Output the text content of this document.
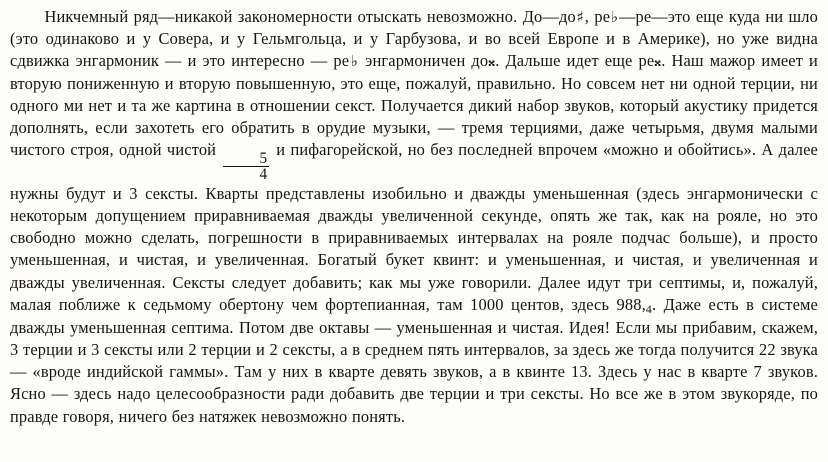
Никчемный ряд—никакой закономерности отыскать невозможно. До—до♯, ре♭—ре—это еще куда ни шло (это одинаково и у Совера, и у Гельмгольца, и у Гарбузова, и во всей Европе и в Америке), но уже видна сдвижка энгармоник — и это интересно — ре♭ энгармоничен до𝄪. Дальше идет еще ре𝄪. Наш мажор имеет и вторую пониженную и вторую повышенную, это еще, пожалуй, правильно. Но совсем нет ни одной терции, ни одного ми нет и та же картина в отношении секст. Получается дикий набор звуков, который акустику придется дополнять, если захотеть его обратить в орудие музыки, — тремя терциями, даже четырьмя, двумя малыми чистого строя, одной чистой
$\frac{5}{4}$
и пифагорейской, но без последней впрочем «можно и обойтись». А далее нужны будут и 3 сексты. Кварты представлены изобильно и дважды уменьшенная (здесь энгармонически с некоторым допущением приравниваемая дважды увеличенной секунде, опять же так, как на рояле, но это свободно можно сделать, погрешности в приравниваемых интервалах на рояле подчас больше), и просто уменьшенная, и чистая, и увеличенная. Богатый букет квинт: и уменьшенная, и чистая, и увеличенная и дважды увеличенная. Сексты следует добавить; как мы уже говорили. Далее идут три септимы, и, пожалуй, малая поближе к седьмому обертону чем фортепианная, там 1000 центов, здесь $988,_4$. Даже есть в системе дважды уменьшенная септима. Потом две октавы — уменьшенная и чистая. Идея! Если мы прибавим, скажем, 3 терции и 3 сексты или 2 терции и 2 сексты, а в среднем пять интервалов, за здесь же тогда получится 22 звука — «вроде индийской гаммы». Там у них в кварте девять звуков, а в квинте 13. Здесь у нас в кварте 7 звуков. Ясно — здесь надо целесообразности ради добавить две терции и три сексты. Но все же в этом звукоряде, по правде говоря, ничего без натяжек невозможно понять.
